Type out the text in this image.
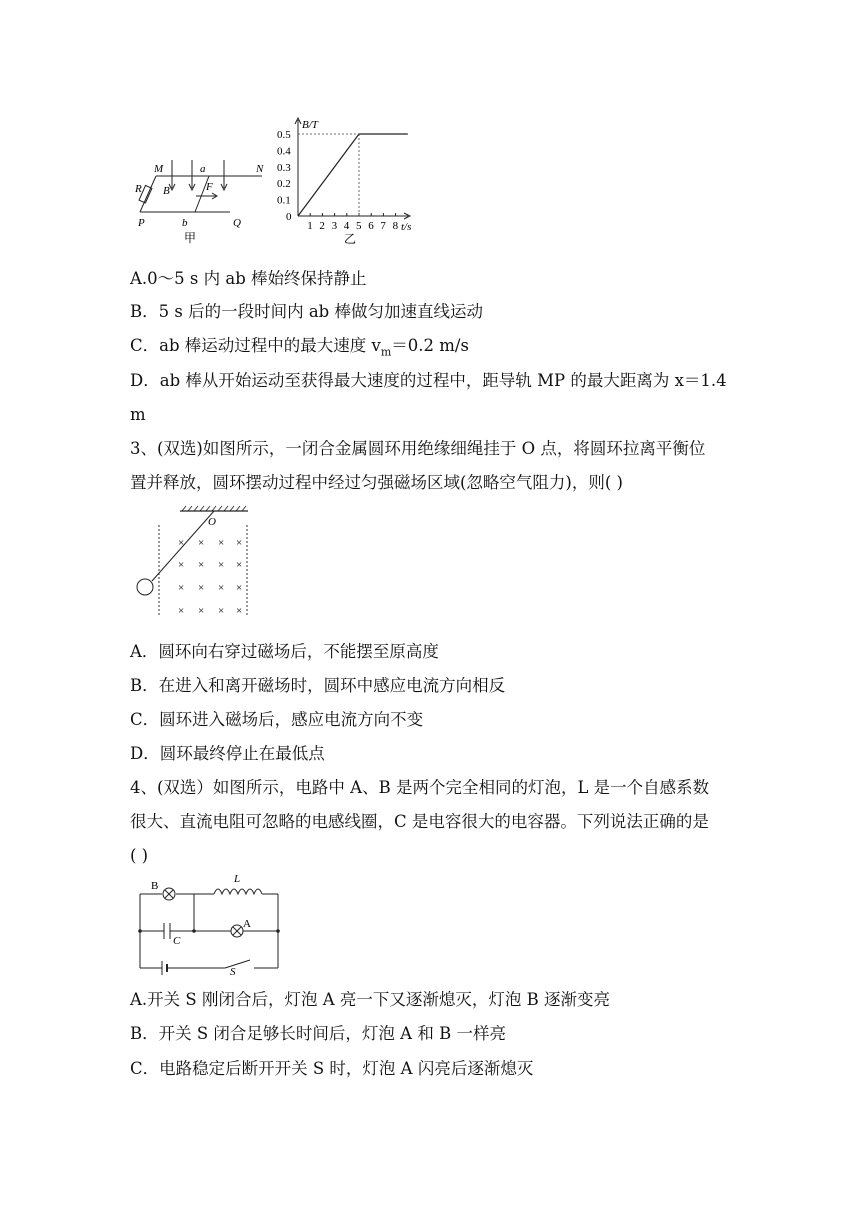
M	a	N
R B	F
P	b	Q
甲
0.5
0.4
0.3
0.2
0.1
0
1 2 3 4 5 6 7 8
B/T
t/s
乙
A.0～5 s 内 ab 棒始终保持静止
B．5 s 后的一段时间内 ab 棒做匀加速直线运动
C．ab 棒运动过程中的最大速度 $v_m=0.2$ m/s
D．ab 棒从开始运动至获得最大速度的过程中，距导轨 MP 的最大距离为 x＝1.4
m
3、(双选)如图所示，一闭合金属圆环用绝缘细绳挂于 O 点，将圆环拉离平衡位
置并释放，圆环摆动过程中经过匀强磁场区域(忽略空气阻力)，则( )
O
× × × ×
× × × ×
× × × ×
× × × ×
A．圆环向右穿过磁场后，不能摆至原高度
B．在进入和离开磁场时，圆环中感应电流方向相反
C．圆环进入磁场后，感应电流方向不变
D．圆环最终停止在最低点
4、(双选）如图所示，电路中 A、B 是两个完全相同的灯泡，L 是一个自感系数
很大、直流电阻可忽略的电感线圈，C 是电容很大的电容器。下列说法正确的是
( )
B
L
A
C
S
A.开关 S 刚闭合后，灯泡 A 亮一下又逐渐熄灭，灯泡 B 逐渐变亮
B．开关 S 闭合足够长时间后，灯泡 A 和 B 一样亮
C．电路稳定后断开开关 S 时，灯泡 A 闪亮后逐渐熄灭
